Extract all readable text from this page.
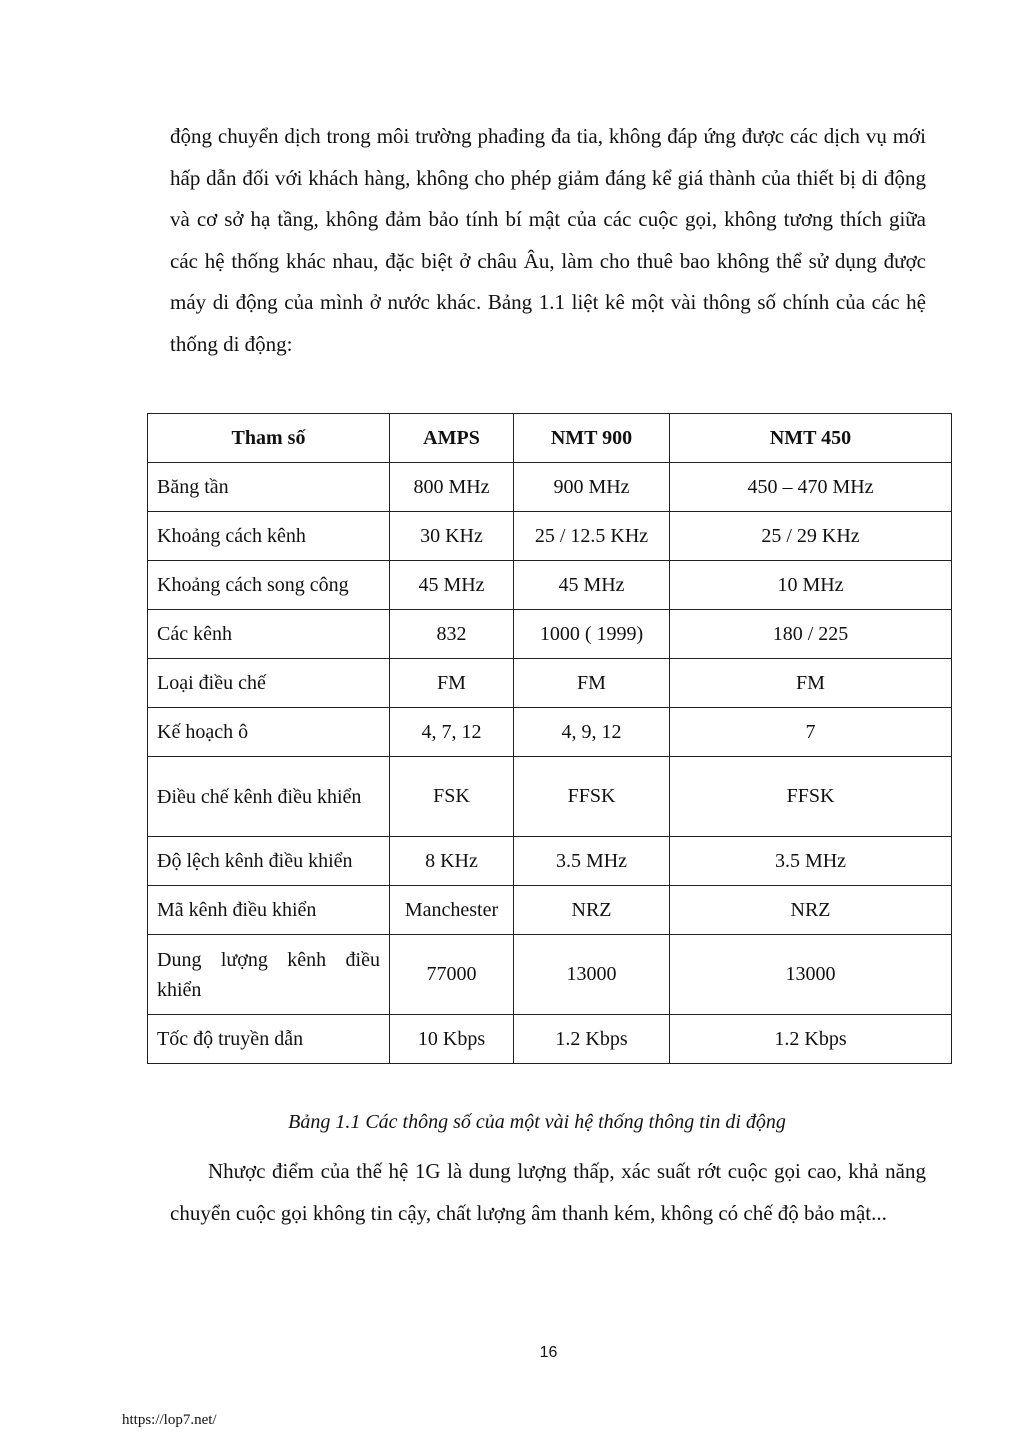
động chuyển dịch trong môi trường phađing đa tia, không đáp ứng được các dịch vụ mới hấp dẫn đối với khách hàng, không cho phép giảm đáng kể giá thành của thiết bị di động và cơ sở hạ tầng, không đảm bảo tính bí mật của các cuộc gọi, không tương thích giữa các hệ thống khác nhau, đặc biệt ở châu Âu, làm cho thuê bao không thể sử dụng được máy di động của mình ở nước khác. Bảng 1.1 liệt kê một vài thông số chính của các hệ thống di động:

Tham số	AMPS	NMT 900	NMT 450
Băng tần	800 MHz	900 MHz	450 – 470 MHz
Khoảng cách kênh	30 KHz	25 / 12.5 KHz	25 / 29 KHz
Khoảng cách song công	45 MHz	45 MHz	10 MHz
Các kênh	832	1000 ( 1999)	180 / 225
Loại điều chế	FM	FM	FM
Kế hoạch ô	4, 7, 12	4, 9, 12	7
Điều chế kênh điều khiển	FSK	FFSK	FFSK
Độ lệch kênh điều khiển	8 KHz	3.5 MHz	3.5 MHz
Mã kênh điều khiển	Manchester	NRZ	NRZ
Dung lượng kênh điều khiển	77000	13000	13000
Tốc độ truyền dẫn	10 Kbps	1.2 Kbps	1.2 Kbps

Bảng 1.1 Các thông số của một vài hệ thống thông tin di động

Nhược điểm của thế hệ 1G là dung lượng thấp, xác suất rớt cuộc gọi cao, khả năng chuyển cuộc gọi không tin cậy, chất lượng âm thanh kém, không có chế độ bảo mật...

16
https://lop7.net/
